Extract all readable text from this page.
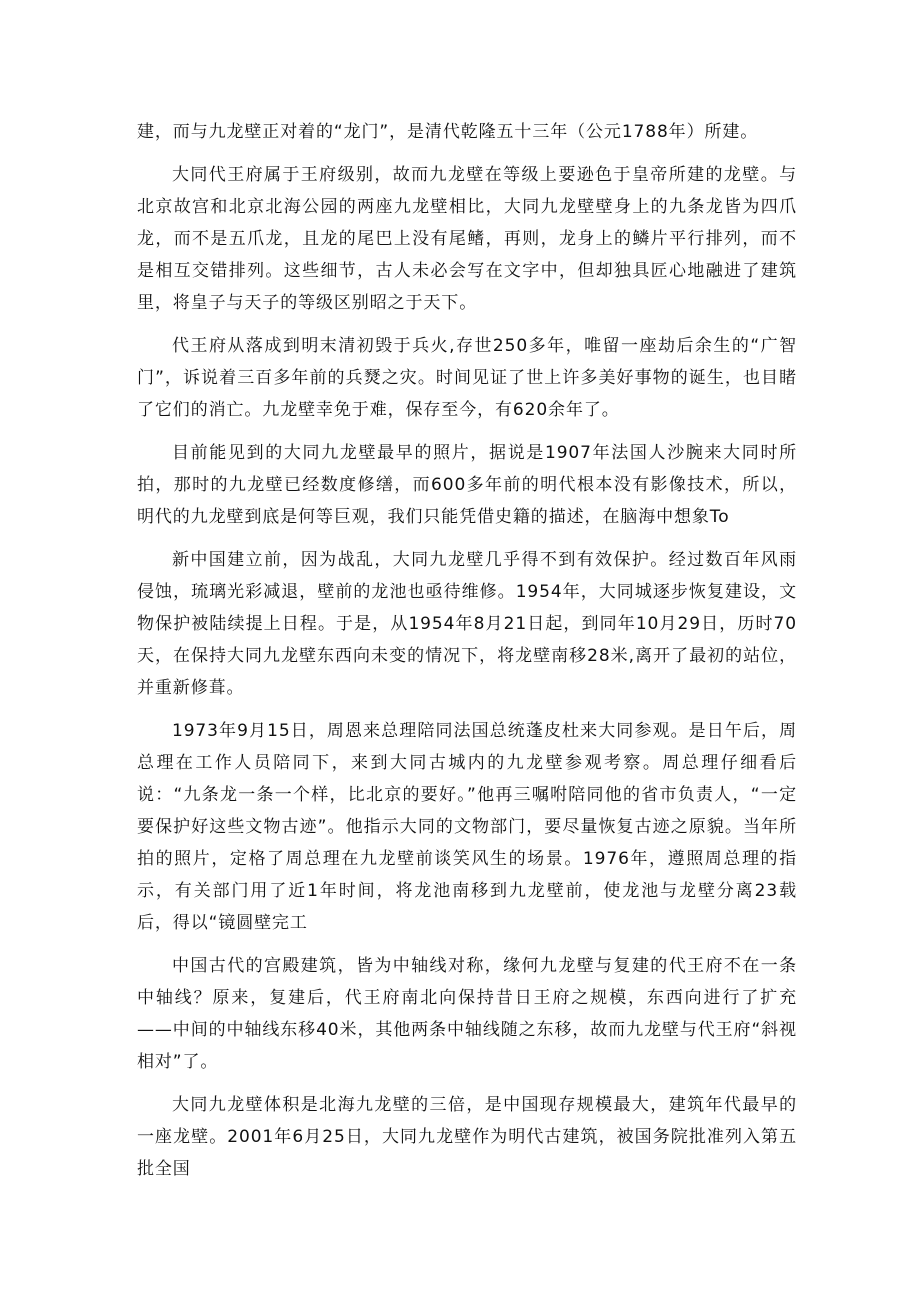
建，而与九龙壁正对着的“龙门”，是清代乾隆五十三年（公元1788年）所建。

大同代王府属于王府级别，故而九龙壁在等级上要逊色于皇帝所建的龙壁。与北京故宫和北京北海公园的两座九龙壁相比，大同九龙壁壁身上的九条龙皆为四爪龙，而不是五爪龙，且龙的尾巴上没有尾鳍，再则，龙身上的鳞片平行排列，而不是相互交错排列。这些细节，古人未必会写在文字中，但却独具匠心地融进了建筑里，将皇子与天子的等级区别昭之于天下。

代王府从落成到明末清初毁于兵火,存世250多年，唯留一座劫后余生的“广智门”，诉说着三百多年前的兵燹之灾。时间见证了世上许多美好事物的诞生，也目睹了它们的消亡。九龙壁幸免于难，保存至今，有620余年了。

目前能见到的大同九龙壁最早的照片，据说是1907年法国人沙腕来大同时所拍，那时的九龙壁已经数度修缮，而600多年前的明代根本没有影像技术，所以，明代的九龙壁到底是何等巨观，我们只能凭借史籍的描述，在脑海中想象To

新中国建立前，因为战乱，大同九龙壁几乎得不到有效保护。经过数百年风雨侵蚀，琉璃光彩减退，壁前的龙池也亟待维修。1954年，大同城逐步恢复建设，文物保护被陆续提上日程。于是，从1954年8月21日起，到同年10月29日，历时70天，在保持大同九龙壁东西向未变的情况下，将龙壁南移28米,离开了最初的站位，并重新修葺。

1973年9月15日，周恩来总理陪同法国总统蓬皮杜来大同参观。是日午后，周总理在工作人员陪同下，来到大同古城内的九龙壁参观考察。周总理仔细看后说：“九条龙一条一个样，比北京的要好。”他再三嘱咐陪同他的省市负责人，“一定要保护好这些文物古迹”。他指示大同的文物部门，要尽量恢复古迹之原貌。当年所拍的照片，定格了周总理在九龙壁前谈笑风生的场景。1976年，遵照周总理的指示，有关部门用了近1年时间，将龙池南移到九龙壁前，使龙池与龙壁分离23载后，得以“镜圆壁完工

中国古代的宫殿建筑，皆为中轴线对称，缘何九龙壁与复建的代王府不在一条中轴线？原来，复建后，代王府南北向保持昔日王府之规模，东西向进行了扩充——中间的中轴线东移40米，其他两条中轴线随之东移，故而九龙壁与代王府“斜视相对”了。

大同九龙壁体积是北海九龙壁的三倍，是中国现存规模最大，建筑年代最早的一座龙壁。2001年6月25日，大同九龙壁作为明代古建筑，被国务院批准列入第五批全国
